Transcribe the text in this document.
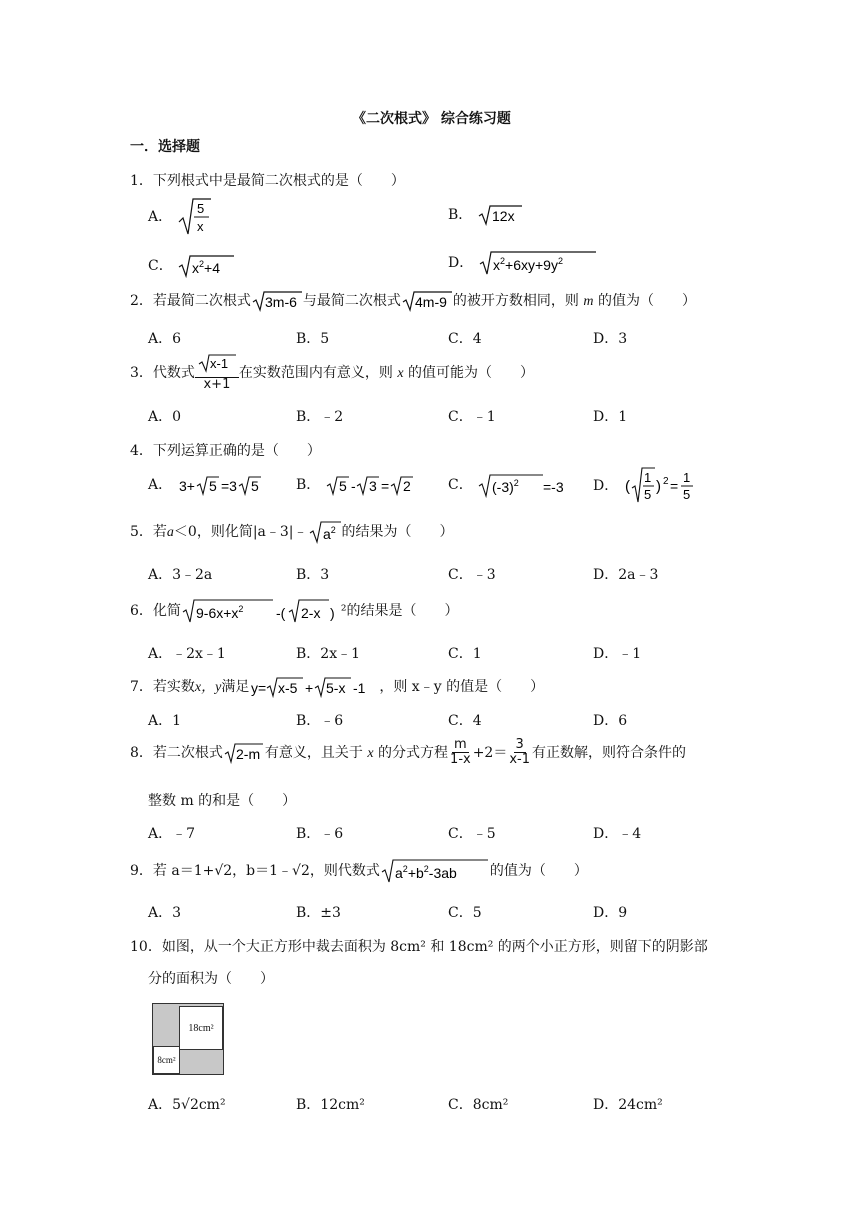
《二次根式》 综合练习题
一．选择题
1．下列根式中是最简二次根式的是（　　）
A．
5
x
B． 12x
C． $x^2+4$	D． $x^2+6xy+9y^2$
2．若最简二次根式 3m-6 与最简二次根式 4m-9 的被开方数相同，则 m 的值为（　　）
A．6	B．5	C．4	D．3
3．代数式 $\frac{x-1}{x+1}$ 在实数范围内有意义，则 x 的值可能为（　　）
A．0	B．﹣2	C．﹣1	D．1
4．下列运算正确的是（　　）
A． 3+ 5 =3 5	B． 5 - 3 = 2	C． $(-3)^2 =-3$ D． (
1
5 ) 2 =
1
5
5．若a＜0，则化简|a﹣3|﹣ $a^2$ 的结果为（　　）
A．3﹣2a	B．3	C．﹣3	D．2a﹣3
6．化简 $9-6x+x^2$ -( 2-x ) ²的结果是（　　）
A．﹣2x﹣1	B．2x﹣1	C．1	D．﹣1
7．若实数x，y满足 y= x-5 + 5-x -1 ，则 x﹣y 的值是（　　）
A．1	B．﹣6	C．4	D．6
8．若二次根式 2-m 有意义，且关于 x 的分式方程 $\frac{m}{1-x} +2= \frac{3}{x-1}$ 有正数解，则符合条件的
整数 m 的和是（　　）
A．﹣7	B．﹣6	C．﹣5	D．﹣4
9．若 a＝1+√2，b＝1﹣√2，则代数式 $a^2+b^2-3ab$ 的值为（　　）
A．3	B．±3	C．5	D．9
10．如图，从一个大正方形中裁去面积为 8cm² 和 18cm² 的两个小正方形，则留下的阴影部
分的面积为（　　）
18cm²
8cm²
A．5√2cm²	B．12cm²	C．8cm²	D．24cm²
